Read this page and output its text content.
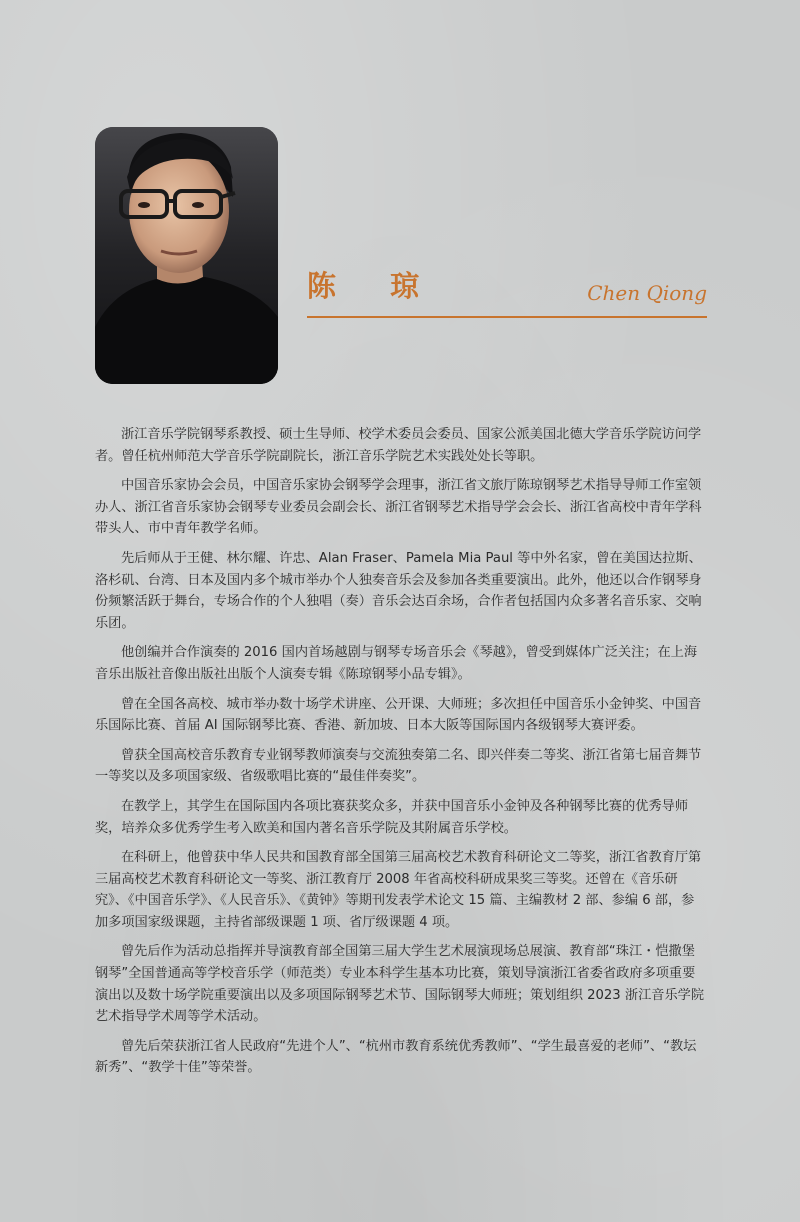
陈 琼	Chen Qiong

浙江音乐学院钢琴系教授、硕士生导师、校学术委员会委员、国家公派美国北德大学音乐学院访问学者。曾任杭州师范大学音乐学院副院长，浙江音乐学院艺术实践处处长等职。

中国音乐家协会会员，中国音乐家协会钢琴学会理事，浙江省文旅厅陈琼钢琴艺术指导导师工作室领办人、浙江省音乐家协会钢琴专业委员会副会长、浙江省钢琴艺术指导学会会长、浙江省高校中青年学科带头人、市中青年教学名师。

先后师从于王健、林尔耀、许忠、Alan Fraser、Pamela Mia Paul 等中外名家，曾在美国达拉斯、洛杉矶、台湾、日本及国内多个城市举办个人独奏音乐会及参加各类重要演出。此外，他还以合作钢琴身份频繁活跃于舞台，专场合作的个人独唱（奏）音乐会达百余场，合作者包括国内众多著名音乐家、交响乐团。

他创编并合作演奏的 2016 国内首场越剧与钢琴专场音乐会《琴越》，曾受到媒体广泛关注；在上海音乐出版社音像出版社出版个人演奏专辑《陈琼钢琴小品专辑》。

曾在全国各高校、城市举办数十场学术讲座、公开课、大师班；多次担任中国音乐小金钟奖、中国音乐国际比赛、首届 AI 国际钢琴比赛、香港、新加坡、日本大阪等国际国内各级钢琴大赛评委。

曾获全国高校音乐教育专业钢琴教师演奏与交流独奏第二名、即兴伴奏二等奖、浙江省第七届音舞节一等奖以及多项国家级、省级歌唱比赛的“最佳伴奏奖”。

在教学上，其学生在国际国内各项比赛获奖众多，并获中国音乐小金钟及各种钢琴比赛的优秀导师奖，培养众多优秀学生考入欧美和国内著名音乐学院及其附属音乐学校。

在科研上，他曾获中华人民共和国教育部全国第三届高校艺术教育科研论文二等奖，浙江省教育厅第三届高校艺术教育科研论文一等奖、浙江教育厅 2008 年省高校科研成果奖三等奖。还曾在《音乐研究》、《中国音乐学》、《人民音乐》、《黄钟》等期刊发表学术论文 15 篇、主编教材 2 部、参编 6 部，参加多项国家级课题，主持省部级课题 1 项、省厅级课题 4 项。

曾先后作为活动总指挥并导演教育部全国第三届大学生艺术展演现场总展演、教育部“珠江・恺撒堡钢琴”全国普通高等学校音乐学（师范类）专业本科学生基本功比赛，策划导演浙江省委省政府多项重要演出以及数十场学院重要演出以及多项国际钢琴艺术节、国际钢琴大师班；策划组织 2023 浙江音乐学院艺术指导学术周等学术活动。

曾先后荣获浙江省人民政府“先进个人”、“杭州市教育系统优秀教师”、“学生最喜爱的老师”、“教坛新秀”、“教学十佳”等荣誉。
